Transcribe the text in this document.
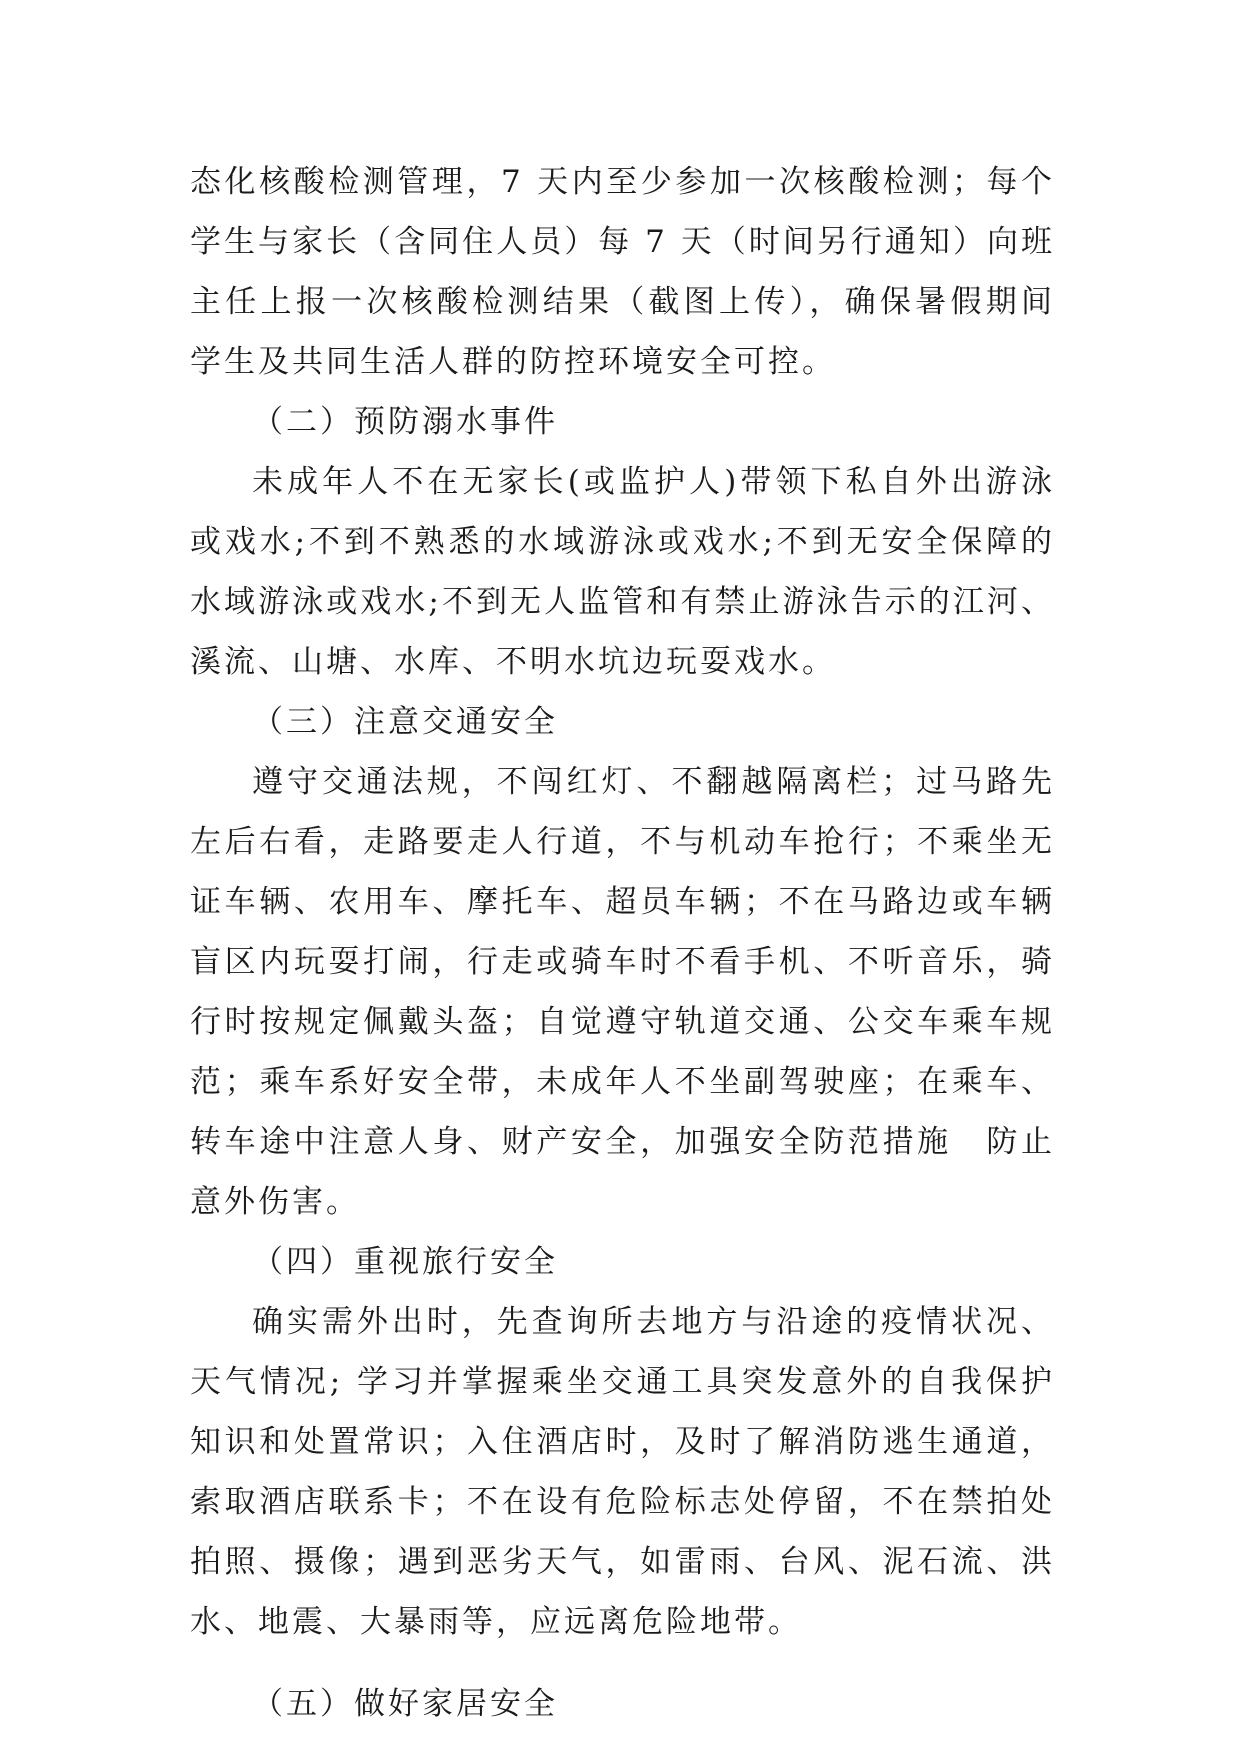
态化核酸检测管理，7 天内至少参加一次核酸检测；每个学生与家长（含同住人员）每 7 天（时间另行通知）向班主任上报一次核酸检测结果（截图上传），确保暑假期间学生及共同生活人群的防控环境安全可控。

（二）预防溺水事件

未成年人不在无家长(或监护人)带领下私自外出游泳或戏水;不到不熟悉的水域游泳或戏水;不到无安全保障的水域游泳或戏水;不到无人监管和有禁止游泳告示的江河、溪流、山塘、水库、不明水坑边玩耍戏水。

（三）注意交通安全

遵守交通法规，不闯红灯、不翻越隔离栏；过马路先左后右看，走路要走人行道，不与机动车抢行；不乘坐无证车辆、农用车、摩托车、超员车辆；不在马路边或车辆盲区内玩耍打闹，行走或骑车时不看手机、不听音乐，骑行时按规定佩戴头盔；自觉遵守轨道交通、公交车乘车规范；乘车系好安全带，未成年人不坐副驾驶座；在乘车、转车途中注意人身、财产安全，加强安全防范措施　防止意外伤害。

（四）重视旅行安全

确实需外出时，先查询所去地方与沿途的疫情状况、天气情况; 学习并掌握乘坐交通工具突发意外的自我保护知识和处置常识；入住酒店时，及时了解消防逃生通道，索取酒店联系卡；不在设有危险标志处停留，不在禁拍处拍照、摄像；遇到恶劣天气，如雷雨、台风、泥石流、洪水、地震、大暴雨等，应远离危险地带。

（五）做好家居安全
